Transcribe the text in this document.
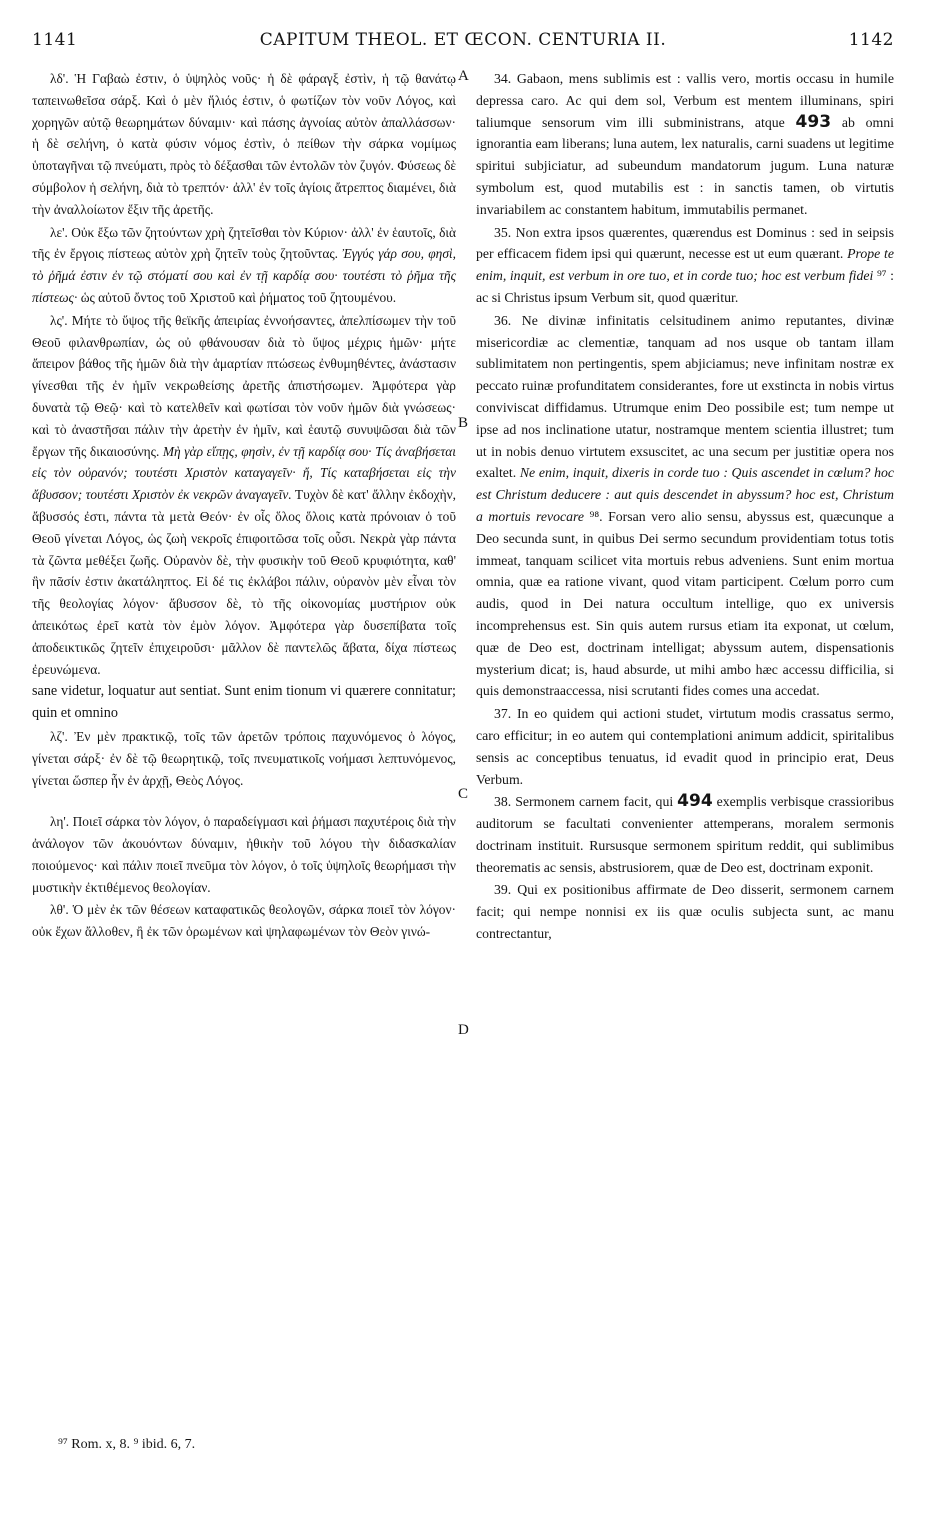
1141	CAPITUM THEOL. ET ŒCON. CENTURIA II.	1142

λδ'. Ἡ Γαβαὼ ἐστιν, ὁ ὑψηλὸς νοῦς· ἡ δὲ φάραγξ ἐστὶν, ἡ τῷ θανάτῳ ταπεινωθεῖσα σάρξ. Καὶ ὁ μὲν ἥλιός ἐστιν, ὁ φωτίζων τὸν νοῦν Λόγος, καὶ χορηγῶν αὐτῷ θεωρημάτων δύναμιν· καὶ πάσης ἀγνοίας αὐτὸν ἀπαλλάσσων· ἡ δὲ σελήνη, ὁ κατὰ φύσιν νόμος ἐστὶν, ὁ πείθων τὴν σάρκα νομίμως ὑποταγῆναι τῷ πνεύματι, πρὸς τὸ δέξασθαι τῶν ἐντολῶν τὸν ζυγόν. Φύσεως δὲ σύμβολον ἡ σελήνη, διὰ τὸ τρεπτόν· ἀλλ' ἐν τοῖς ἁγίοις ἄτρεπτος διαμένει, διὰ τὴν ἀναλλοίωτον ἕξιν τῆς ἀρετῆς.

λε'. Οὐκ ἔξω τῶν ζητούντων χρὴ ζητεῖσθαι τὸν Κύριον· ἀλλ' ἐν ἑαυτοῖς, διὰ τῆς ἐν ἔργοις πίστεως αὐτὸν χρὴ ζητεῖν τοὺς ζητοῦντας. Ἐγγύς γάρ σου, φησὶ, τὸ ῥῆμά ἐστιν ἐν τῷ στόματί σου καὶ ἐν τῇ καρδίᾳ σου· τουτέστι τὸ ῥῆμα τῆς πίστεως· ὡς αὐτοῦ ὄντος τοῦ Χριστοῦ καὶ ῥήματος τοῦ ζητουμένου.

λς'. Μήτε τὸ ὕψος τῆς θεϊκῆς ἀπειρίας ἐννοήσαντες, ἀπελπίσωμεν τὴν τοῦ Θεοῦ φιλανθρωπίαν, ὡς οὐ φθάνουσαν διὰ τὸ ὕψος μέχρις ἡμῶν· μήτε ἄπειρον βάθος τῆς ἡμῶν διὰ τὴν ἁμαρτίαν πτώσεως ἐνθυμηθέντες, ἀνάστασιν γίνεσθαι τῆς ἐν ἡμῖν νεκρωθείσης ἀρετῆς ἀπιστήσωμεν. Ἀμφότερα γὰρ δυνατὰ τῷ Θεῷ· καὶ τὸ κατελθεῖν καὶ φωτίσαι τὸν νοῦν ἡμῶν διὰ γνώσεως· καὶ τὸ ἀναστῆσαι πάλιν τὴν ἀρετὴν ἐν ἡμῖν, καὶ ἑαυτῷ συνυψῶσαι διὰ τῶν ἔργων τῆς δικαιοσύνης. Μὴ γὰρ εἴπῃς, φησὶν, ἐν τῇ καρδίᾳ σου· Τίς ἀναβήσεται εἰς τὸν οὐρανόν; τουτέστι Χριστὸν καταγαγεῖν· ἤ, Τίς καταβήσεται εἰς τὴν ἄβυσσον; τουτέστι Χριστὸν ἐκ νεκρῶν ἀναγαγεῖν. Τυχὸν δὲ κατ' ἄλλην ἐκδοχὴν, ἄβυσσός ἐστι, πάντα τὰ μετὰ Θεόν· ἐν οἷς ὅλος ὅλοις κατὰ πρόνοιαν ὁ τοῦ Θεοῦ γίνεται Λόγος, ὡς ζωὴ νεκροῖς ἐπιφοιτῶσα τοῖς οὖσι. Νεκρὰ γὰρ πάντα τὰ ζῶντα μεθέξει ζωῆς. Οὐρανὸν δὲ, τὴν φυσικὴν τοῦ Θεοῦ κρυφιότητα, καθ' ἣν πᾶσίν ἐστιν ἀκατάληπτος. Εἰ δέ τις ἐκλάβοι πάλιν, οὐρανὸν μὲν εἶναι τὸν τῆς θεολογίας λόγον· ἄβυσσον δὲ, τὸ τῆς οἰκονομίας μυστήριον οὐκ ἀπεικότως ἐρεῖ κατὰ τὸν ἐμὸν λόγον. Ἀμφότερα γὰρ δυσεπίβατα τοῖς ἀποδεικτικῶς ζητεῖν ἐπιχειροῦσι· μᾶλλον δὲ παντελῶς ἄβατα, δίχα πίστεως ἐρευνώμενα.

sane videtur, loquatur aut sentiat. Sunt enim tionum vi quærere connitatur; quin et omnino

λζ'. Ἐν μὲν πρακτικῷ, τοῖς τῶν ἀρετῶν τρόποις παχυνόμενος ὁ λόγος, γίνεται σάρξ· ἐν δὲ τῷ θεωρητικῷ, τοῖς πνευματικοῖς νοήμασι λεπτυνόμενος, γίνεται ὥσπερ ἦν ἐν ἀρχῇ, Θεὸς Λόγος.

λη'. Ποιεῖ σάρκα τὸν λόγον, ὁ παραδείγμασι καὶ ῥήμασι παχυτέροις διὰ τὴν ἀνάλογον τῶν ἀκουόντων δύναμιν, ἠθικὴν τοῦ λόγου τὴν διδασκαλίαν ποιούμενος· καὶ πάλιν ποιεῖ πνεῦμα τὸν λόγον, ὁ τοῖς ὑψηλοῖς θεωρήμασι τὴν μυστικὴν ἐκτιθέμενος θεολογίαν.

λθ'. Ὁ μὲν ἐκ τῶν θέσεων καταφατικῶς θεολογῶν, σάρκα ποιεῖ τὸν λόγον· οὐκ ἔχων ἄλλοθεν, ἢ ἐκ τῶν ὁρωμένων καὶ ψηλαφωμένων τὸν Θεὸν γινώ-

34. Gabaon, mens sublimis est : vallis vero, mortis occasu in humile depressa caro. Ac qui dem sol, Verbum est mentem illuminans, spiri taliumque sensorum vim illi subministrans, atque 493 ab omni ignorantia eam liberans; luna autem, lex naturalis, carni suadens ut legitime spiritui subjiciatur, ad subeundum mandatorum jugum. Luna naturæ symbolum est, quod mutabilis est : in sanctis tamen, ob virtutis invariabilem ac constantem habitum, immutabilis permanet.

35. Non extra ipsos quærentes, quærendus est Dominus : sed in seipsis per efficacem fidem ipsi qui quærunt, necesse est ut eum quærant. Prope te enim, inquit, est verbum in ore tuo, et in corde tuo; hoc est verbum fidei ⁹⁷ : ac si Christus ipsum Verbum sit, quod quæritur.

36. Ne divinæ infinitatis celsitudinem animo reputantes, divinæ misericordiæ ac clementiæ, tanquam ad nos usque ob tantam illam sublimitatem non pertingentis, spem abjiciamus; neve infinitam nostræ ex peccato ruinæ profunditatem considerantes, fore ut exstincta in nobis virtus conviviscat diffidamus. Utrumque enim Deo possibile est; tum nempe ut ipse ad nos inclinatione utatur, nostramque mentem scientia illustret; tum ut in nobis denuo virtutem exsuscitet, ac una secum per justitiæ opera nos exaltet. Ne enim, inquit, dixeris in corde tuo : Quis ascendet in cœlum? hoc est Christum deducere : aut quis descendet in abyssum? hoc est, Christum a mortuis revocare ⁹⁸. Forsan vero alio sensu, abyssus est, quæcunque a Deo secunda sunt, in quibus Dei sermo secundum providentiam totus totis immeat, tanquam scilicet vita mortuis rebus adveniens. Sunt enim mortua omnia, quæ ea ratione vivant, quod vitam participent. Cœlum porro cum audis, quod in Dei natura occultum intellige, quo ex universis incomprehensus est. Sin quis autem rursus etiam ita exponat, ut cœlum, quæ de Deo est, doctrinam intelligat; abyssum autem, dispensationis mysterium dicat; is, haud absurde, ut mihi ambo hæc accessu difficilia, si quis demonstraaccessa, nisi scrutanti fides comes una accedat.

37. In eo quidem qui actioni studet, virtutum modis crassatus sermo, caro efficitur; in eo autem qui contemplationi animum addicit, spiritalibus sensis ac conceptibus tenuatus, id evadit quod in principio erat, Deus Verbum.

38. Sermonem carnem facit, qui 494 exemplis verbisque crassioribus auditorum se facultati convenienter attemperans, moralem sermonis doctrinam instituit. Rursusque sermonem spiritum reddit, qui sublimibus theorematis ac sensis, abstrusiorem, quæ de Deo est, doctrinam exponit.

39. Qui ex positionibus affirmate de Deo disserit, sermonem carnem facit; qui nempe nonnisi ex iis quæ oculis subjecta sunt, ac manu contrectantur,

A
B
C
D
⁹⁷ Rom. x, 8. ⁹ ibid. 6, 7.
